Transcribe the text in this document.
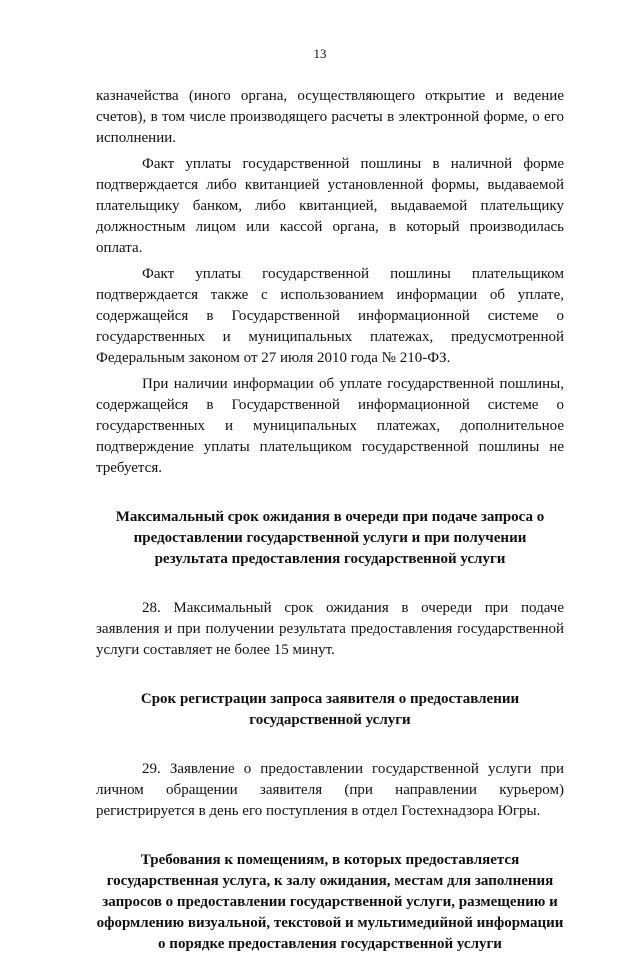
13

казначейства (иного органа, осуществляющего открытие и ведение счетов), в том числе производящего расчеты в электронной форме, о его исполнении.

Факт уплаты государственной пошлины в наличной форме подтверждается либо квитанцией установленной формы, выдаваемой плательщику банком, либо квитанцией, выдаваемой плательщику должностным лицом или кассой органа, в который производилась оплата.

Факт уплаты государственной пошлины плательщиком подтверждается также с использованием информации об уплате, содержащейся в Государственной информационной системе о государственных и муниципальных платежах, предусмотренной Федеральным законом от 27 июля 2010 года № 210-ФЗ.

При наличии информации об уплате государственной пошлины, содержащейся в Государственной информационной системе о государственных и муниципальных платежах, дополнительное подтверждение уплаты плательщиком государственной пошлины не требуется.

Максимальный срок ожидания в очереди при подаче запроса о предоставлении государственной услуги и при получении результата предоставления государственной услуги

28. Максимальный срок ожидания в очереди при подаче заявления и при получении результата предоставления государственной услуги составляет не более 15 минут.

Срок регистрации запроса заявителя о предоставлении государственной услуги

29. Заявление о предоставлении государственной услуги при личном обращении заявителя (при направлении курьером) регистрируется в день его поступления в отдел Гостехнадзора Югры.

Требования к помещениям, в которых предоставляется государственная услуга, к залу ожидания, местам для заполнения запросов о предоставлении государственной услуги, размещению и оформлению визуальной, текстовой и мультимедийной информации о порядке предоставления государственной услуги
